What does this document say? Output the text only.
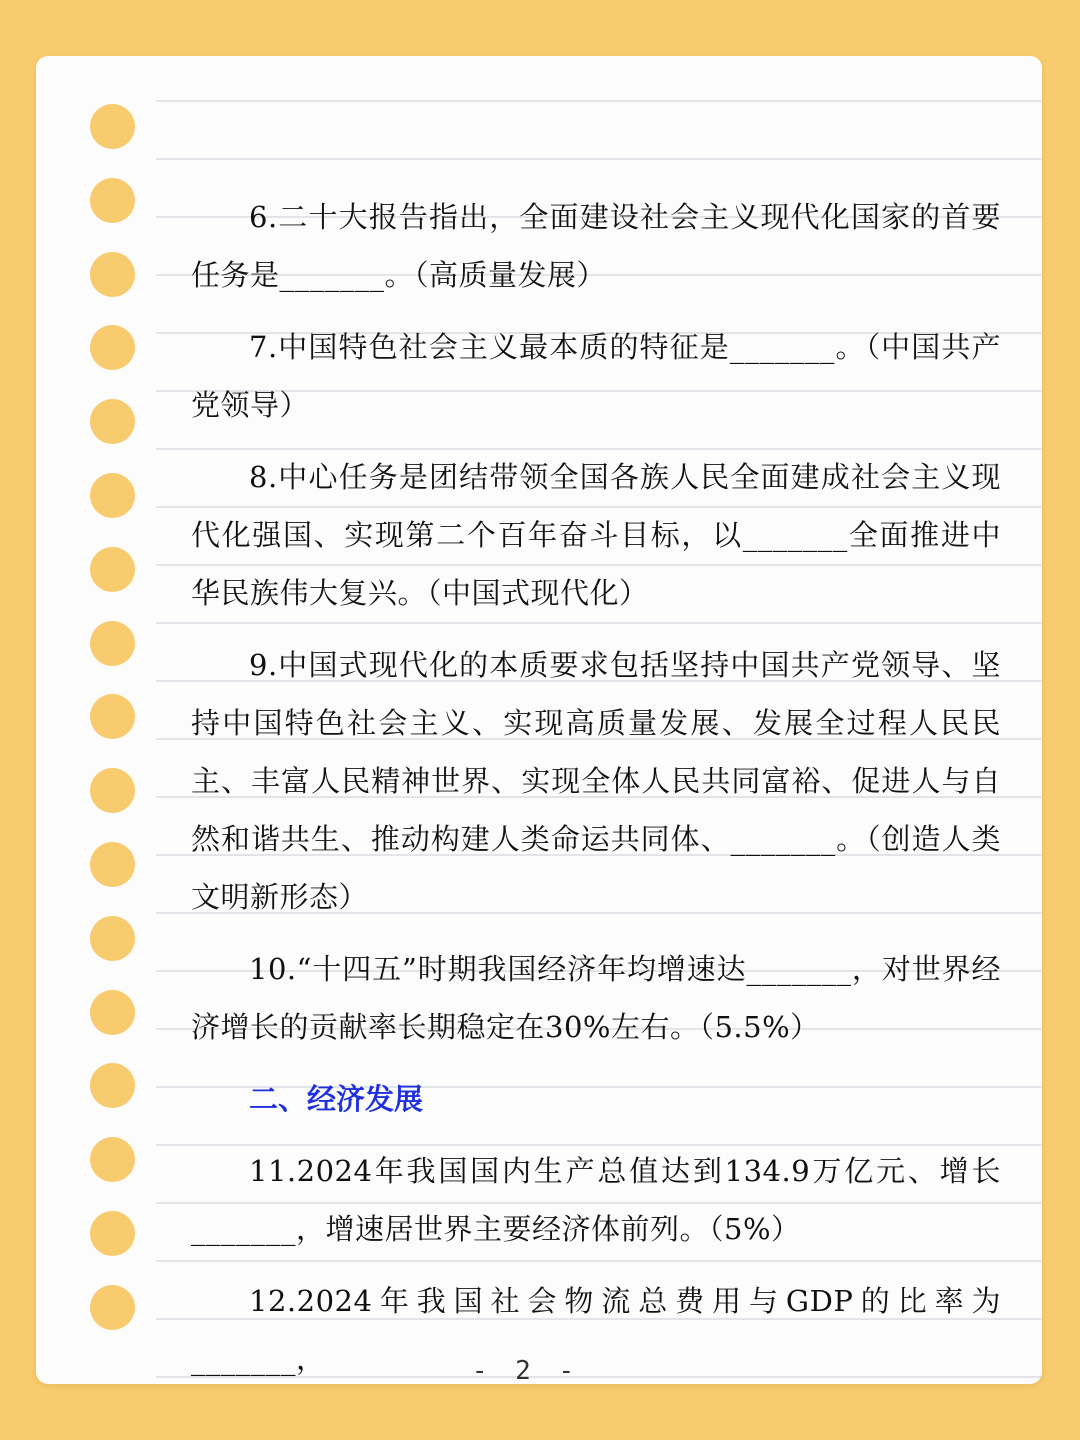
6.二十大报告指出，全面建设社会主义现代化国家的首要任务是_______。（高质量发展）

7.中国特色社会主义最本质的特征是_______。（中国共产党领导）

8.中心任务是团结带领全国各族人民全面建成社会主义现代化强国、实现第二个百年奋斗目标，以_______全面推进中华民族伟大复兴。（中国式现代化）

9.中国式现代化的本质要求包括坚持中国共产党领导、坚持中国特色社会主义、实现高质量发展、发展全过程人民民主、丰富人民精神世界、实现全体人民共同富裕、促进人与自然和谐共生、推动构建人类命运共同体、_______。（创造人类文明新形态）

10.“十四五”时期我国经济年均增速达_______，对世界经济增长的贡献率长期稳定在30%左右。（5.5%）

二、经济发展

11.2024年我国国内生产总值达到134.9万亿元、增长_______，增速居世界主要经济体前列。（5%）

12.2024年我国社会物流总费用与GDP的比率为_______，	- 2 -
